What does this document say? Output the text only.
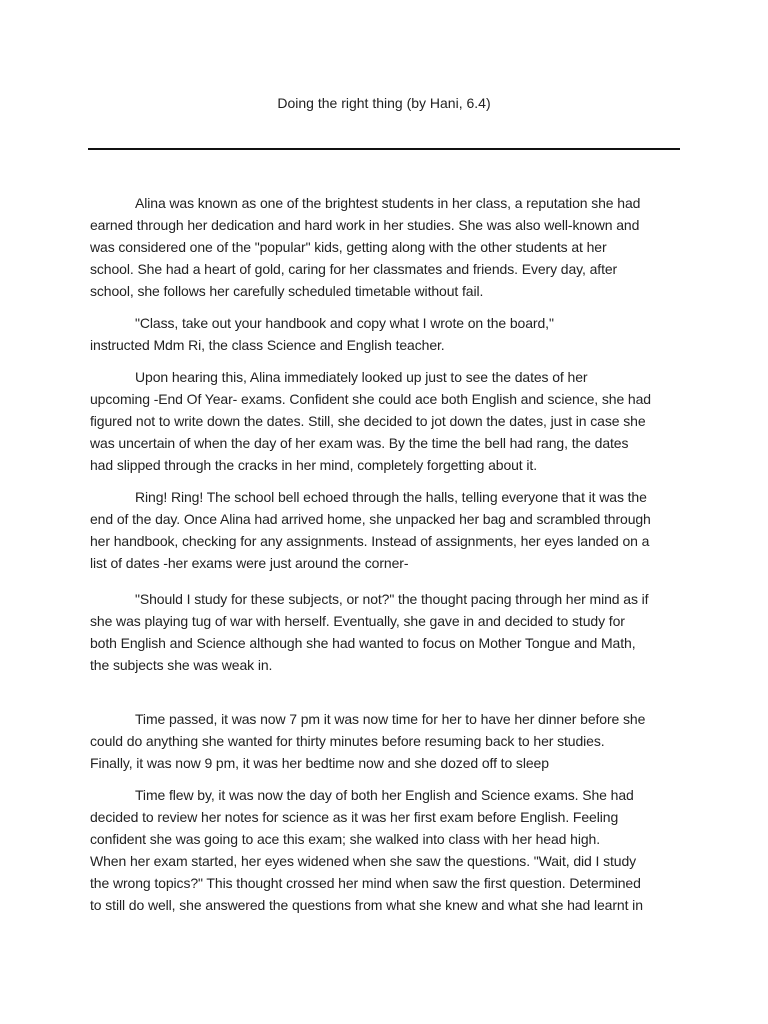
Doing the right thing (by Hani, 6.4)

Alina was known as one of the brightest students in her class, a reputation she had
earned through her dedication and hard work in her studies. She was also well-known and
was considered one of the "popular" kids, getting along with the other students at her
school. She had a heart of gold, caring for her classmates and friends. Every day, after
school, she follows her carefully scheduled timetable without fail.

"Class, take out your handbook and copy what I wrote on the board,"
instructed Mdm Ri, the class Science and English teacher.

Upon hearing this, Alina immediately looked up just to see the dates of her
upcoming -End Of Year- exams. Confident she could ace both English and science, she had
figured not to write down the dates. Still, she decided to jot down the dates, just in case she
was uncertain of when the day of her exam was. By the time the bell had rang, the dates
had slipped through the cracks in her mind, completely forgetting about it.

Ring! Ring! The school bell echoed through the halls, telling everyone that it was the
end of the day. Once Alina had arrived home, she unpacked her bag and scrambled through
her handbook, checking for any assignments. Instead of assignments, her eyes landed on a
list of dates -her exams were just around the corner-

"Should I study for these subjects, or not?" the thought pacing through her mind as if
she was playing tug of war with herself. Eventually, she gave in and decided to study for
both English and Science although she had wanted to focus on Mother Tongue and Math,
the subjects she was weak in.

Time passed, it was now 7 pm it was now time for her to have her dinner before she
could do anything she wanted for thirty minutes before resuming back to her studies.
Finally, it was now 9 pm, it was her bedtime now and she dozed off to sleep

Time flew by, it was now the day of both her English and Science exams. She had
decided to review her notes for science as it was her first exam before English. Feeling
confident she was going to ace this exam; she walked into class with her head high.
When her exam started, her eyes widened when she saw the questions. "Wait, did I study
the wrong topics?" This thought crossed her mind when saw the first question. Determined
to still do well, she answered the questions from what she knew and what she had learnt in
